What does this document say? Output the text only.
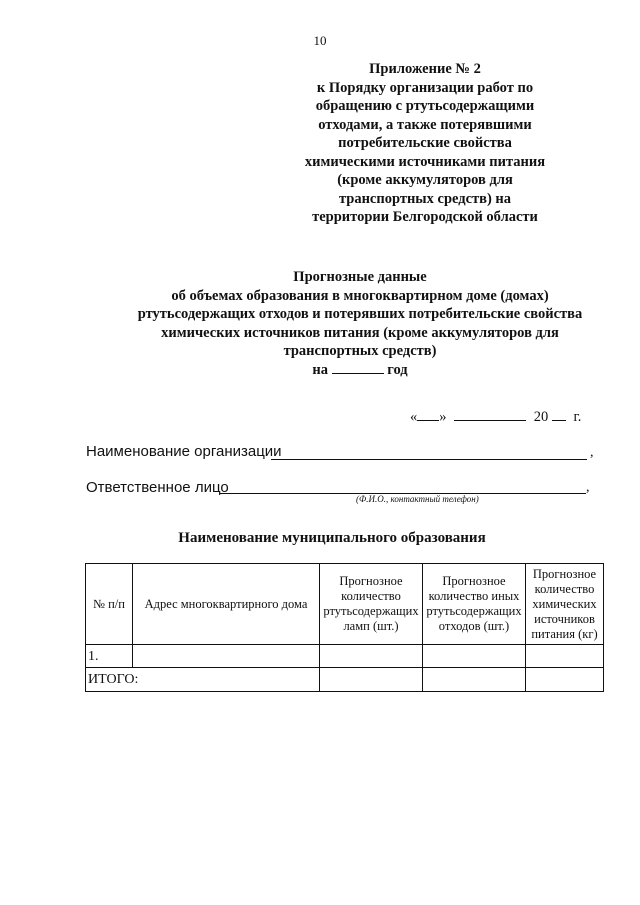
10
Приложение № 2
к Порядку организации работ по
обращению с ртутьсодержащими
отходами, а также потерявшими
потребительские свойства
химическими источниками питания
(кроме аккумуляторов для
транспортных средств) на
территории Белгородской области
Прогнозные данные
об объемах образования в многоквартирном доме (домах)
ртутьсодержащих отходов и потерявших потребительские свойства
химических источников питания (кроме аккумуляторов для
транспортных средств)
на	год
« »	20 г.
Наименование организации	,
Ответственное лицо	,
(Ф.И.О., контактный телефон)
Наименование муниципального образования
№ п/п	Адрес многоквартирного дома	Прогнозное количество ртутьсодержащих ламп (шт.)	Прогнозное количество иных ртутьсодержащих отходов (шт.)	Прогнозное количество химических источников питания (кг)
1.				
ИТОГО:				
